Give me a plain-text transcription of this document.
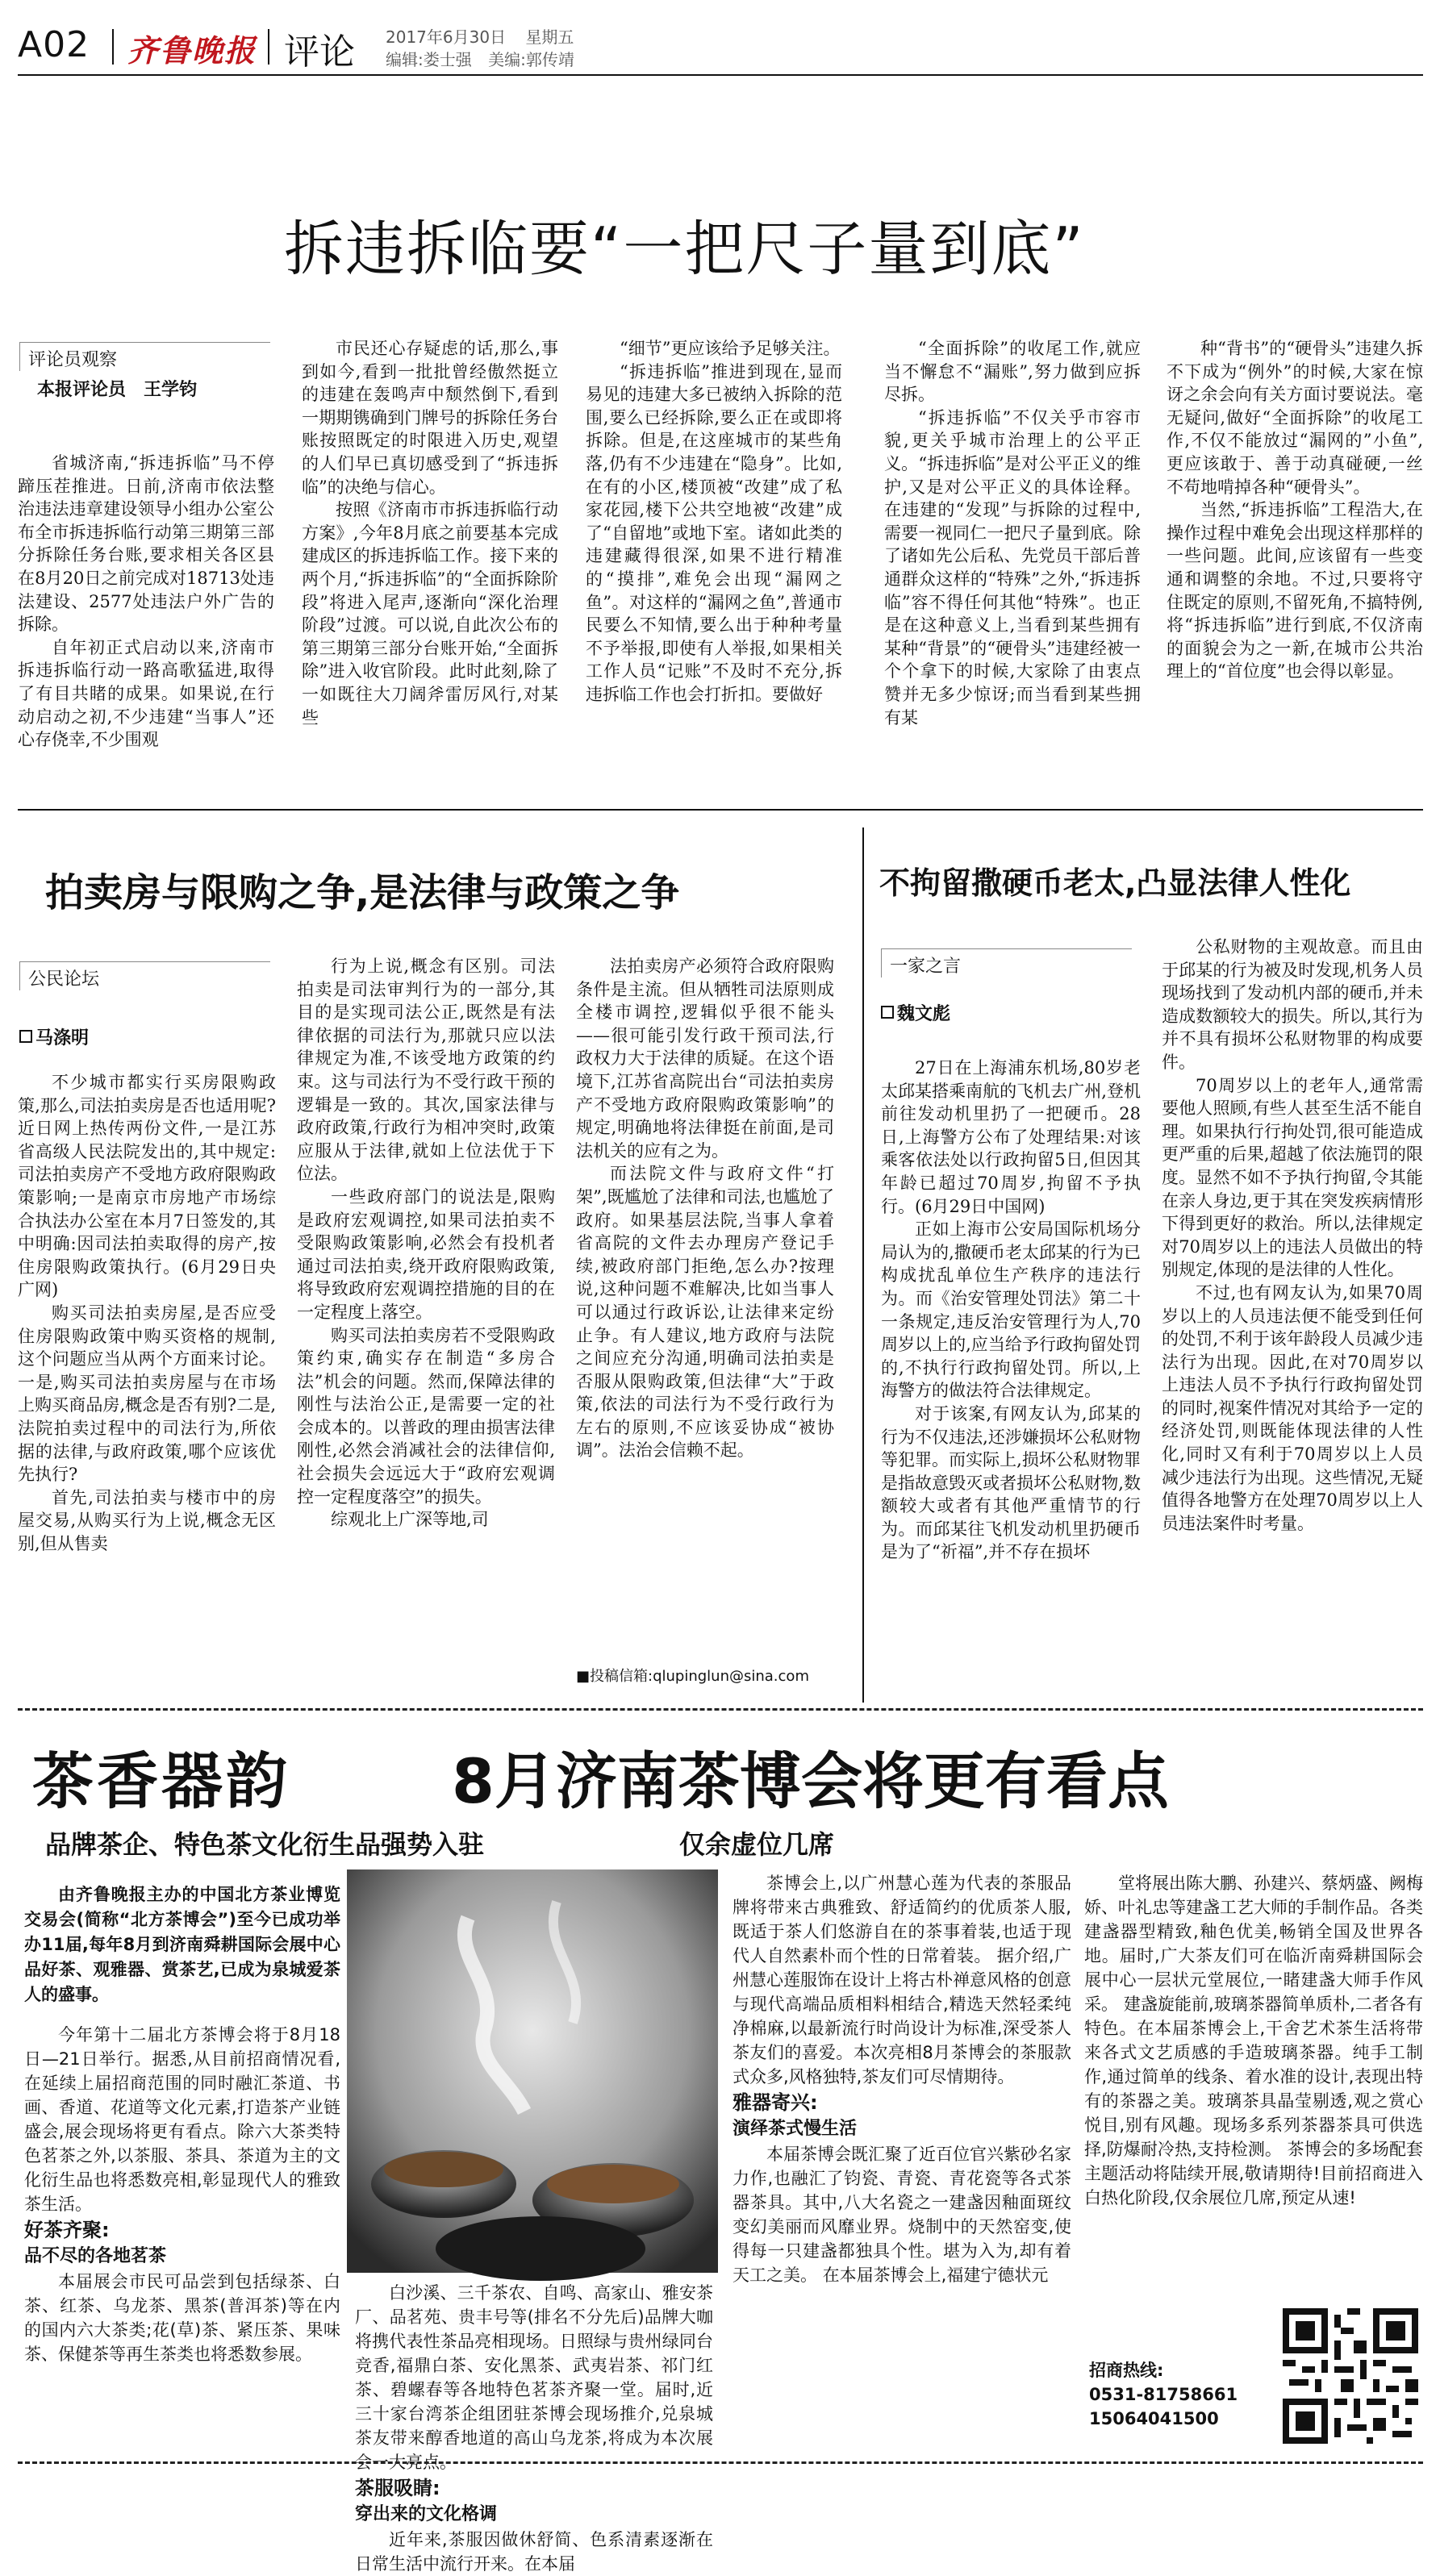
A02 齐鲁晚报 评论 2017年6月30日 星期五
编辑:娄士强 美编:郭传靖
拆违拆临要“一把尺子量到底”
评论员观察
本报评论员　王学钧

省城济南,“拆违拆临”马不停蹄压茬推进。日前,济南市依法整治违法违章建设领导小组办公室公布全市拆违拆临行动第三期第三部分拆除任务台账,要求相关各区县在8月20日之前完成对18713处违法建设、2577处违法户外广告的拆除。

自年初正式启动以来,济南市拆违拆临行动一路高歌猛进,取得了有目共睹的成果。如果说,在行动启动之初,不少违建“当事人”还心存侥幸,不少围观

市民还心存疑虑的话,那么,事到如今,看到一批批曾经傲然挺立的违建在轰鸣声中颓然倒下,看到一期期镌确到门牌号的拆除任务台账按照既定的时限进入历史,观望的人们早已真切感受到了“拆违拆临”的决绝与信心。

按照《济南市市拆违拆临行动方案》,今年8月底之前要基本完成建成区的拆违拆临工作。接下来的两个月,“拆违拆临”的“全面拆除阶段”将进入尾声,逐渐向“深化治理阶段”过渡。可以说,自此次公布的第三期第三部分台账开始,“全面拆除”进入收官阶段。此时此刻,除了一如既往大刀阔斧雷厉风行,对某些

“细节”更应该给予足够关注。

“拆违拆临”推进到现在,显而易见的违建大多已被纳入拆除的范围,要么已经拆除,要么正在或即将拆除。但是,在这座城市的某些角落,仍有不少违建在“隐身”。比如,在有的小区,楼顶被“改建”成了私家花园,楼下公共空地被“改建”成了“自留地”或地下室。诸如此类的违建藏得很深,如果不进行精准的“摸排”,难免会出现“漏网之鱼”。对这样的“漏网之鱼”,普通市民要么不知情,要么出于种种考量不予举报,即使有人举报,如果相关工作人员“记账”不及时不充分,拆违拆临工作也会打折扣。要做好

“全面拆除”的收尾工作,就应当不懈怠不“漏账”,努力做到应拆尽拆。

“拆违拆临”不仅关乎市容市貌,更关乎城市治理上的公平正义。“拆违拆临”是对公平正义的维护,又是对公平正义的具体诠释。在违建的“发现”与拆除的过程中,需要一视同仁一把尺子量到底。除了诸如先公后私、先党员干部后普通群众这样的“特殊”之外,“拆违拆临”容不得任何其他“特殊”。也正是在这种意义上,当看到某些拥有某种“背景”的“硬骨头”违建经被一个个拿下的时候,大家除了由衷点赞并无多少惊讶;而当看到某些拥有某

种“背书”的“硬骨头”违建久拆不下成为“例外”的时候,大家在惊讶之余会向有关方面讨要说法。毫无疑问,做好“全面拆除”的收尾工作,不仅不能放过“漏网的”小鱼”,更应该敢于、善于动真碰硬,一丝不苟地啃掉各种“硬骨头”。

当然,“拆违拆临”工程浩大,在操作过程中难免会出现这样那样的一些问题。此间,应该留有一些变通和调整的余地。不过,只要将守住既定的原则,不留死角,不搞特例,将“拆违拆临”进行到底,不仅济南的面貌会为之一新,在城市公共治理上的“首位度”也会得以彰显。

拍卖房与限购之争,是法律与政策之争
公民论坛
马涤明

不少城市都实行买房限购政策,那么,司法拍卖房是否也适用呢?近日网上热传两份文件,一是江苏省高级人民法院发出的,其中规定:司法拍卖房产不受地方政府限购政策影响;一是南京市房地产市场综合执法办公室在本月7日签发的,其中明确:因司法拍卖取得的房产,按住房限购政策执行。(6月29日央广网)

购买司法拍卖房屋,是否应受住房限购政策中购买资格的规制,这个问题应当从两个方面来讨论。一是,购买司法拍卖房屋与在市场上购买商品房,概念是否有别?二是,法院拍卖过程中的司法行为,所依据的法律,与政府政策,哪个应该优先执行?

首先,司法拍卖与楼市中的房屋交易,从购买行为上说,概念无区别,但从售卖

行为上说,概念有区别。司法拍卖是司法审判行为的一部分,其目的是实现司法公正,既然是有法律依据的司法行为,那就只应以法律规定为准,不该受地方政策的约束。这与司法行为不受行政干预的逻辑是一致的。其次,国家法律与政府政策,行政行为相冲突时,政策应服从于法律,就如上位法优于下位法。

一些政府部门的说法是,限购是政府宏观调控,如果司法拍卖不受限购政策影响,必然会有投机者通过司法拍卖,绕开政府限购政策,将导致政府宏观调控措施的目的在一定程度上落空。

购买司法拍卖房若不受限购政策约束,确实存在制造“多房合法”机会的问题。然而,保障法律的刚性与法治公正,是需要一定的社会成本的。以普政的理由损害法律刚性,必然会消减社会的法律信仰,社会损失会远远大于“政府宏观调控一定程度落空”的损失。

综观北上广深等地,司

法拍卖房产必须符合政府限购条件是主流。但从牺牲司法原则成全楼市调控,逻辑似乎很不能头——很可能引发行政干预司法,行政权力大于法律的质疑。在这个语境下,江苏省高院出台“司法拍卖房产不受地方政府限购政策影响”的规定,明确地将法律挺在前面,是司法机关的应有之为。

而法院文件与政府文件“打架”,既尴尬了法律和司法,也尴尬了政府。如果基层法院,当事人拿着省高院的文件去办理房产登记手续,被政府部门拒绝,怎么办?按理说,这种问题不难解决,比如当事人可以通过行政诉讼,让法律来定纷止争。有人建议,地方政府与法院之间应充分沟通,明确司法拍卖是否服从限购政策,但法律“大”于政策,依法的司法行为不受行政行为左右的原则,不应该妥协成“被协调”。法治会信赖不起。

■投稿信箱:qlupinglun@sina.com
不拘留撒硬币老太,凸显法律人性化
一家之言
魏文彪

27日在上海浦东机场,80岁老太邱某搭乘南航的飞机去广州,登机前往发动机里扔了一把硬币。28日,上海警方公布了处理结果:对该乘客依法处以行政拘留5日,但因其年龄已超过70周岁,拘留不予执行。(6月29日中国网)

正如上海市公安局国际机场分局认为的,撒硬币老太邱某的行为已构成扰乱单位生产秩序的违法行为。而《治安管理处罚法》第二十一条规定,违反治安管理行为人,70周岁以上的,应当给予行政拘留处罚的,不执行行政拘留处罚。所以,上海警方的做法符合法律规定。

对于该案,有网友认为,邱某的行为不仅违法,还涉嫌损坏公私财物等犯罪。而实际上,损坏公私财物罪是指故意毁灭或者损坏公私财物,数额较大或者有其他严重情节的行为。而邱某往飞机发动机里扔硬币是为了“祈福”,并不存在损坏

公私财物的主观故意。而且由于邱某的行为被及时发现,机务人员现场找到了发动机内部的硬币,并未造成数额较大的损失。所以,其行为并不具有损坏公私财物罪的构成要件。

70周岁以上的老年人,通常需要他人照顾,有些人甚至生活不能自理。如果执行行拘处罚,很可能造成更严重的后果,超越了依法施罚的限度。显然不如不予执行拘留,令其能在亲人身边,更于其在突发疾病情形下得到更好的救治。所以,法律规定对70周岁以上的违法人员做出的特别规定,体现的是法律的人性化。

不过,也有网友认为,如果70周岁以上的人员违法便不能受到任何的处罚,不利于该年龄段人员减少违法行为出现。因此,在对70周岁以上违法人员不予执行行政拘留处罚的同时,视案件情况对其给予一定的经济处罚,则既能体现法律的人性化,同时又有利于70周岁以上人员减少违法行为出现。这些情况,无疑值得各地警方在处理70周岁以上人员违法案件时考量。

茶香器韵	8月济南茶博会将更有看点
品牌茶企、特色茶文化衍生品强势入驻	仅余虚位几席

由齐鲁晚报主办的中国北方茶业博览交易会(简称“北方茶博会”)至今已成功举办11届,每年8月到济南舜耕国际会展中心品好茶、观雅器、赏茶艺,已成为泉城爱茶人的盛事。

今年第十二届北方茶博会将于8月18日—21日举行。据悉,从目前招商情况看,在延续上届招商范围的同时融汇茶道、书画、香道、花道等文化元素,打造茶产业链盛会,展会现场将更有看点。除六大茶类特色茗茶之外,以茶服、茶具、茶道为主的文化衍生品也将悉数亮相,彰显现代人的雅致茶生活。

好茶齐聚:

品不尽的各地茗茶

本届展会市民可品尝到包括绿茶、白茶、红茶、乌龙茶、黑茶(普洱茶)等在内的国内六大茶类;花(草)茶、紧压茶、果味茶、保健茶等再生茶类也将悉数参展。

白沙溪、三千茶农、自鸣、高家山、雅安茶厂、品茗苑、贵丰号等(排名不分先后)品牌大咖将携代表性茶品亮相现场。日照绿与贵州绿同台竞香,福鼎白茶、安化黑茶、武夷岩茶、祁门红茶、碧螺春等各地特色茗茶齐聚一堂。届时,近三十家台湾茶企组团驻茶博会现场推介,兑泉城茶友带来醇香地道的高山乌龙茶,将成为本次展会一大亮点。

茶服吸睛:

穿出来的文化格调

近年来,茶服因做休舒简、色系清素逐渐在日常生活中流行开来。在本届

茶博会上,以广州慧心莲为代表的茶服品牌将带来古典雅致、舒适简约的优质茶人服,既适于茶人们悠游自在的茶事着装,也适于现代人自然素朴而个性的日常着装。 据介绍,广州慧心莲服饰在设计上将古朴禅意风格的创意与现代高端品质相料相结合,精选天然轻柔纯净棉麻,以最新流行时尚设计为标准,深受茶人茶友们的喜爱。本次亮相8月茶博会的茶服款式众多,风格独特,茶友们可尽情期待。

雅器寄兴:

演绎茶式慢生活

本届茶博会既汇聚了近百位官兴紫砂名家力作,也融汇了钧瓷、青瓷、青花瓷等各式茶器茶具。其中,八大名瓷之一建盏因釉面斑纹变幻美丽而风靡业界。烧制中的天然窑变,使得每一只建盏都独具个性。堪为入为,却有着天工之美。 在本届茶博会上,福建宁德状元

堂将展出陈大鹏、孙建兴、蔡炳盛、阙梅娇、叶礼忠等建盏工艺大师的手制作品。各类建盏器型精致,釉色优美,畅销全国及世界各地。届时,广大茶友们可在临沂南舜耕国际会展中心一层状元堂展位,一睹建盏大师手作风采。 建盏旋能前,玻璃茶器简单质朴,二者各有特色。在本届茶博会上,干舍艺术茶生活将带来各式文艺质感的手造玻璃茶器。纯手工制作,通过简单的线条、着水准的设计,表现出特有的茶器之美。玻璃茶具晶莹剔透,观之赏心悦目,别有风趣。现场多系列茶器茶具可供选择,防爆耐冷热,支持检测。 茶博会的多场配套主题活动将陆续开展,敬请期待!目前招商进入白热化阶段,仅余展位几席,预定从速!

招商热线:
0531-81758661
15064041500
